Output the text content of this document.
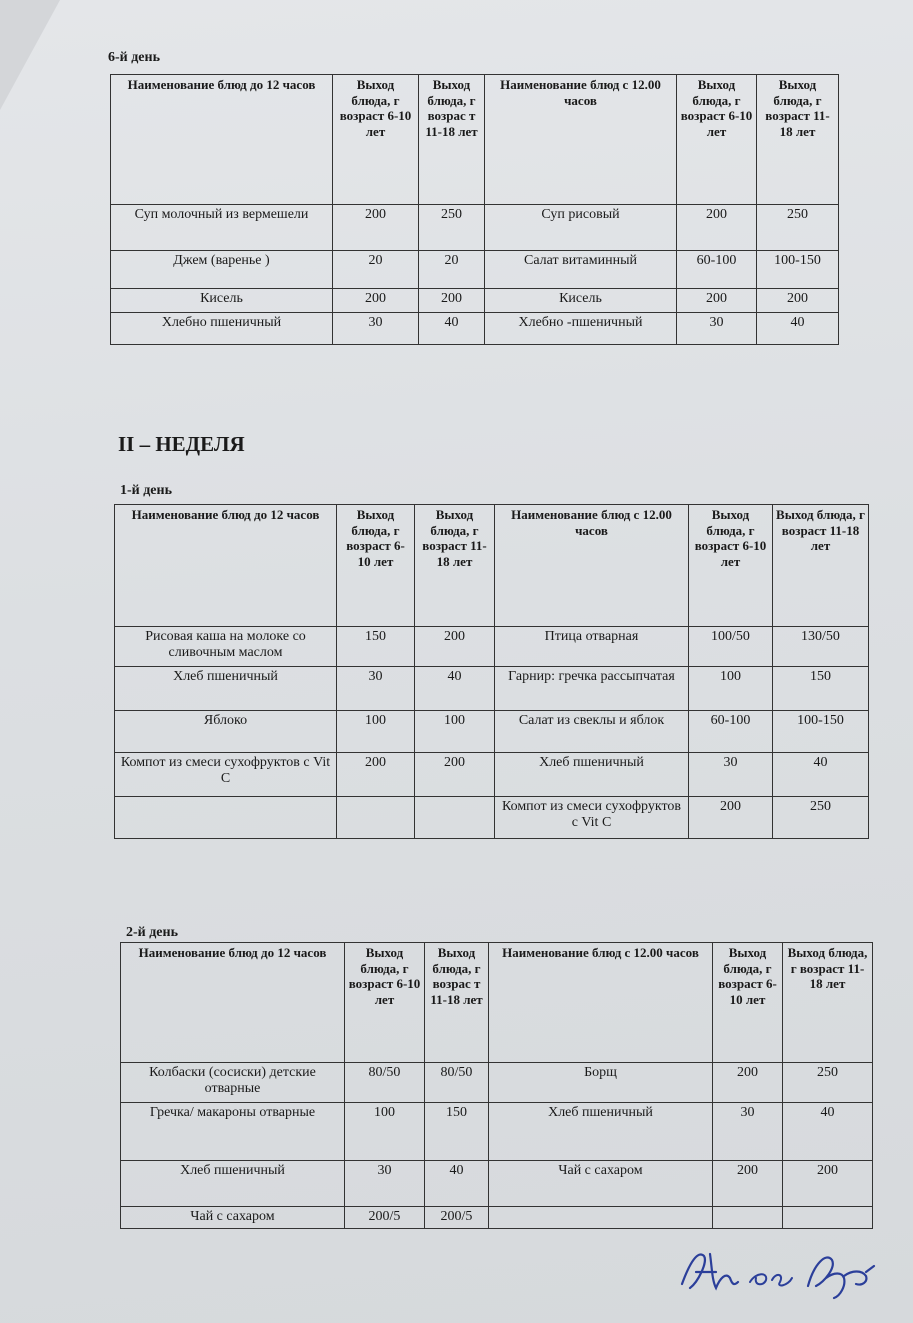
6-й день
Наименование блюд до 12 часов	Выход блюда, г возраст 6-10 лет	Выход блюда, г возрас т 11-18 лет	Наименование блюд с 12.00 часов	Выход блюда, г возраст 6-10 лет	Выход блюда, г возраст 11-18 лет
Суп молочный из вермешели	200	250	Суп рисовый	200	250
Джем (варенье )	20	20	Салат витаминный	60-100	100-150
Кисель	200	200	Кисель	200	200
Хлебно пшеничный	30	40	Хлебно -пшеничный	30	40
II – НЕДЕЛЯ
1-й день
Наименование блюд до 12 часов	Выход блюда, г возраст 6-10 лет	Выход блюда, г возраст 11-18 лет	Наименование блюд с 12.00 часов	Выход блюда, г возраст 6-10 лет	Выход блюда, г возраст 11-18 лет
Рисовая каша на молоке со сливочным маслом	150	200	Птица отварная	100/50	130/50
Хлеб пшеничный	30	40	Гарнир: гречка рассыпчатая	100	150
Яблоко	100	100	Салат из свеклы и яблок	60-100	100-150
Компот из смеси сухофруктов с Vit C	200	200	Хлеб пшеничный	30	40
			Компот из смеси сухофруктов с Vit C	200	250
2-й день
Наименование блюд до 12 часов	Выход блюда, г возраст 6-10 лет	Выход блюда, г возрас т 11-18 лет	Наименование блюд с 12.00 часов	Выход блюда, г возраст 6-10 лет	Выход блюда, г возраст 11-18 лет
Колбаски (сосиски) детские отварные	80/50	80/50	Борщ	200	250
Гречка/ макароны отварные	100	150	Хлеб пшеничный	30	40
Хлеб пшеничный	30	40	Чай с сахаром	200	200
Чай с сахаром	200/5	200/5			
